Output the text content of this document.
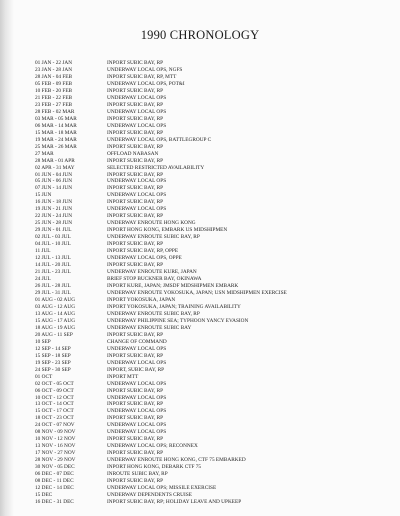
1990 CHRONOLOGY
01 JAN - 22 JAN	INPORT SUBIC BAY, RP
23 JAN - 28 JAN	UNDERWAY LOCAL OPS, NGFS
28 JAN - 04 FEB	INPORT SUBIC BAY, RP, MTT
05 FEB - 09 FEB	UNDERWAY LOCAL OPS, POT&I
10 FEB - 20 FEB	INPORT SUBIC BAY, RP
21 FEB - 22 FEB	UNDERWAY LOCAL OPS
23 FEB - 27 FEB	INPORT SUBIC BAY, RP
28 FEB - 02 MAR	UNDERWAY LOCAL OPS
03 MAR - 05 MAR	INPORT SUBIC BAY, RP
06 MAR - 14 MAR	UNDERWAY LOCAL OPS
15 MAR - 18 MAR	INPORT SUBIC BAY, RP
19 MAR - 24 MAR	UNDERWAY LOCAL OPS, BATTLEGROUP C
25 MAR - 26 MAR	INPORT SUBIC BAY, RP
27 MAR	OFFLOAD NABASAN
28 MAR - 01 APR	INPORT SUBIC BAY, RP
02 APR - 31 MAY	SELECTED RESTRICTED AVAILABILITY
01 JUN - 04 JUN	INPORT SUBIC BAY, RP
05 JUN - 06 JUN	UNDERWAY LOCAL OPS
07 JUN - 14 JUN	INPORT SUBIC BAY, RP
15 JUN	UNDERWAY LOCAL OPS
16 JUN - 18 JUN	INPORT SUBIC BAY, RP
19 JUN - 21 JUN	UNDERWAY LOCAL OPS
22 JUN - 24 JUN	INPORT SUBIC BAY, RP
25 JUN - 28 JUN	UNDERWAY ENROUTE HONG KONG
29 JUN - 01 JUL	INPORT HONG KONG, EMBARK US MIDSHIPMEN
02 JUL - 03 JUL	UNDERWAY ENROUTE SUBIC BAY, RP
04 JUL - 10 JUL	INPORT SUBIC BAY, RP
11 JUL	INPORT SUBIC BAY, RP, OPPE
12 JUL - 13 JUL	UNDERWAY LOCAL OPS, OPPE
14 JUL - 20 JUL	INPORT SUBIC BAY, RP
21 JUL - 23 JUL	UNDERWAY ENROUTE KURE, JAPAN
24 JUL	BRIEF STOP BUCKNER BAY, OKINAWA
26 JUL - 28 JUL	INPORT KURE, JAPAN; JMSDF MIDSHIPMEN EMBARK
29 JUL - 31 JUL	UNDERWAY ENROUTE YOKOSUKA, JAPAN; USN MIDSHIPMEN EXERCISE
01 AUG - 02 AUG	INPORT YOKOSUKA, JAPAN
03 AUG - 12 AUG	INPORT YOKOSUKA, JAPAN; TRAINING AVAILABILITY
13 AUG - 14 AUG	UNDERWAY ENROUTE SUBIC BAY, RP
15 AUG - 17 AUG	UNDERWAY PHILIPPINE SEA; TYPHOON YANCY EVASION
18 AUG - 19 AUG	UNDERWAY ENROUTE SUBIC BAY
20 AUG - 11 SEP	INPORT SUBIC BAY, RP
10 SEP	CHANGE OF COMMAND
12 SEP - 14 SEP	UNDERWAY LOCAL OPS
15 SEP - 18 SEP	INPORT SUBIC BAY, RP
19 SEP - 23 SEP	UNDERWAY LOCAL OPS
24 SEP - 30 SEP	INPORT, SUBIC BAY, RP
01 OCT	INPORT MTT
02 OCT - 05 OCT	UNDERWAY LOCAL OPS
06 OCT - 09 OCT	INPORT SUBIC BAY, RP
10 OCT - 12 OCT	UNDERWAY LOCAL OPS
13 OCT - 14 OCT	INPORT SUBIC BAY, RP
15 OCT - 17 OCT	UNDERWAY LOCAL OPS
18 OCT - 23 OCT	INPORT SUBIC BAY, RP
24 OCT - 07 NOV	UNDERWAY LOCAL OPS
08 NOV - 09 NOV	UNDERWAY LOCAL OPS
10 NOV - 12 NOV	INPORT SUBIC BAY, RP
13 NOV - 16 NOV	UNDERWAY LOCAL OPS; RECONNEX
17 NOV - 27 NOV	INPORT SUBIC BAY, RP
28 NOV - 29 NOV	UNDERWAY ENROUTE HONG KONG, CTF 75 EMBARKED
30 NOV - 05 DEC	INPORT HONG KONG, DEBARK CTF 75
06 DEC - 07 DEC	INROUTE SUBIC BAY, RP
08 DEC - 11 DEC	INPORT SUBIC BAY, RP
12 DEC - 14 DEC	UNDERWAY LOCAL OPS; MISSILE EXERCISE
15 DEC	UNDERWAY DEPENDENTS CRUISE
16 DEC - 31 DEC	INPORT SUBIC BAY, RP; HOLIDAY LEAVE AND UPKEEP
